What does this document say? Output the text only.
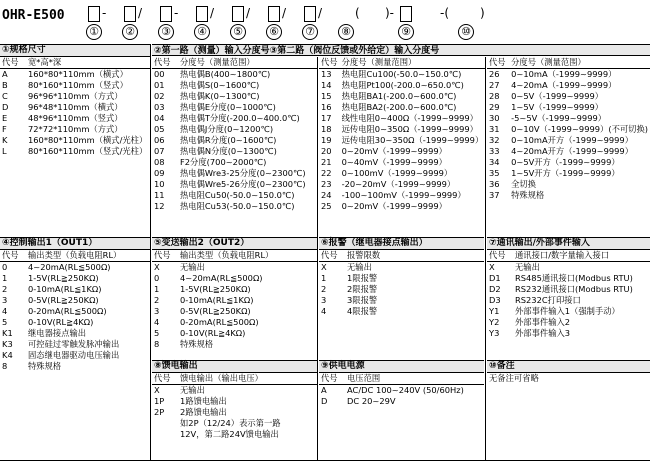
OHR-E500
① ② ③ ④ ⑤ ⑥ ⑦ ⑧	⑨	⑩
-	/	-	/	/	/	/	( )-	-(	)
①规格尺寸	
代号	宽*高*深
A	160*80*110mm（横式）
B	80*160*110mm（竖式）
C	96*96*110mm（方式）
D	96*48*110mm（横式）
E	48*96*110mm（竖式）
F	72*72*110mm（方式）
K	160*80*110mm（横式/光柱）
L	80*160*110mm（竖式/光柱）
②第一路（测量）输入分度号③第二路（阀位反馈或外给定）输入分度号
代号	分度号（测量范围）
00	热电偶B(400~1800℃)
01	热电偶S(0~1600℃)
02	热电偶K(0~1300℃)
03	热电偶E分度(0~1000℃)
04	热电偶T分度(-200.0~400.0℃)
05	热电偶J分度(0~1200℃)
06	热电偶R分度(0~1600℃)
07	热电偶N分度(0~1300℃)
08	F2分度(700~2000℃)
09	热电偶Wre3-25分度(0~2300℃)
10	热电偶Wre5-26分度(0~2300℃)
11	热电阻Cu50(-50.0~150.0℃)
12	热电阻Cu53(-50.0~150.0℃)
代号	分度号（测量范围）
13	热电阻Cu100(-50.0~150.0℃)
14	热电阻Pt100(-200.0~650.0℃)
15	热电阻BA1(-200.0~600.0℃)
16	热电阻BA2(-200.0~600.0℃)
17	线性电阻0~400Ω（-1999~9999）
18	远传电阻0~350Ω（-1999~9999）
19	远传电阻30~350Ω（-1999~9999）
20	0~20mV（-1999~9999）
21	0~40mV（-1999~9999）
22	0~100mV（-1999~9999）
23	-20~20mV（-1999~9999）
24	-100~100mV（-1999~9999）
25	0~20mV（-1999~9999）
代号	分度号（测量范围）
26	0~10mA（-1999~9999）
27	4~20mA（-1999~9999）
28	0~5V（-1999~9999）
29	1~5V（-1999~9999）
30	-5~5V（-1999~9999）
31	0~10V（-1999~9999）(不可切换)
32	0~10mA开方（-1999~9999）
33	4~20mA开方（-1999~9999）
34	0~5V开方（-1999~9999）
35	1~5V开方（-1999~9999）
36	全切换
37	特殊规格
④控制输出1（OUT1）	
代号	输出类型（负载电阻RL）
0	4~20mA(RL≦500Ω)
1	1-5V(RL≧250KΩ)
2	0-10mA(RL≦1KΩ)
3	0-5V(RL≧250KΩ)
4	0-20mA(RL≦500Ω)
5	0-10V(RL≧4KΩ)
K1	继电器接点输出
K3	可控硅过零触发脉冲输出
K4	固态继电器驱动电压输出
8	特殊规格
⑤变送输出2（OUT2）	
代号	输出类型（负载电阻RL）
X	无输出
0	4~20mA(RL≦500Ω)
1	1-5V(RL≧250KΩ)
2	0-10mA(RL≦1KΩ)
3	0-5V(RL≧250KΩ)
4	0-20mA(RL≦500Ω)
5	0-10V(RL≧4KΩ)
8	特殊规格
⑥报警（继电器接点输出）	
代号	报警限数
X	无输出
1	1限报警
2	2限报警
3	3限报警
4	4限报警
⑦通讯输出/外部事件输入	
代号	通讯接口/数字量输入接口
X	无输出
D1	RS485通讯接口(Modbus RTU)
D2	RS232通讯接口(Modbus RTU)
D3	RS232C打印接口
Y1	外部事件输入1（强制手动）
Y2	外部事件输入2
Y3	外部事件输入3
⑧馈电输出	
代号	馈电输出（输出电压）
X	无输出
1P	1路馈电输出
2P	2路馈电输出
	如2P（12/24）表示第一路
	12V，第二路24V馈电输出
⑨供电电源	
代号	电压范围
A	AC/DC 100~240V (50/60Hz)
D	DC 20~29V
⑩备注
无备注可省略
